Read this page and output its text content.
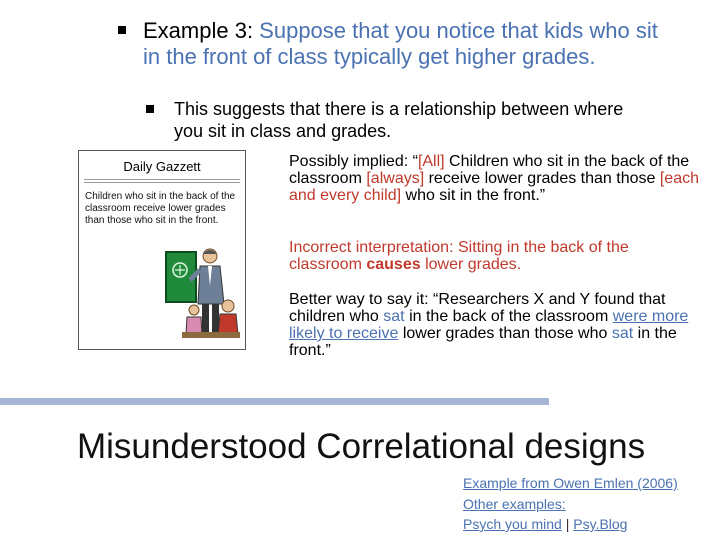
Example 3: Suppose that you notice that kids who sit in the front of class typically get higher grades.
This suggests that there is a relationship between where you sit in class and grades.
Daily Gazzett
Children who sit in the back of the classroom receive lower grades than those who sit in the front.
Possibly implied: “[All] Children who sit in the back of the classroom [always] receive lower grades than those [each and every child] who sit in the front.”
Incorrect interpretation: Sitting in the back of the classroom causes lower grades.
Better way to say it: “Researchers X and Y found that children who sat in the back of the classroom were more likely to receive lower grades than those who sat in the front.”
Misunderstood Correlational designs
Example from Owen Emlen (2006)
Other examples:
Psych you mind | Psy.Blog
